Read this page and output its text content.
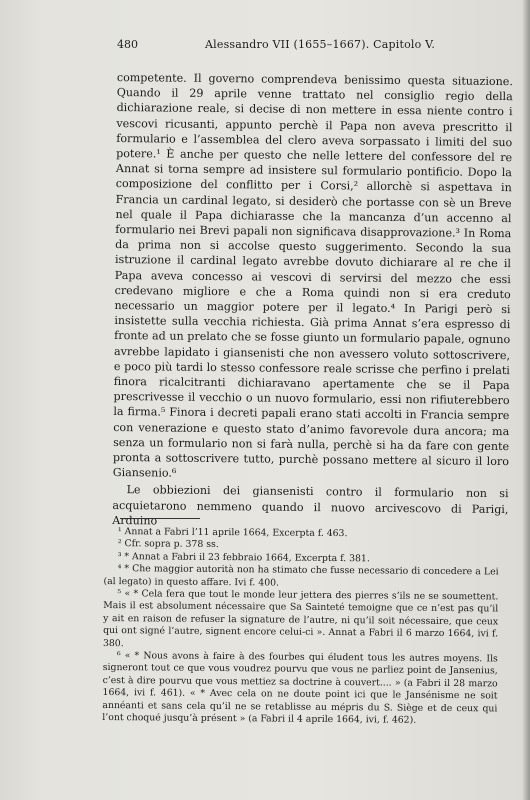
480	Alessandro VII (1655–1667). Capitolo V.

competente. Il governo comprendeva benissimo questa situazione. Quando il 29 aprile venne trattato nel consiglio regio della dichiarazione reale, si decise di non mettere in essa niente contro i vescovi ricusanti, appunto perchè il Papa non aveva prescritto il formulario e l’assemblea del clero aveva sorpassato i limiti del suo potere.¹ È anche per questo che nelle lettere del confessore del re Annat si torna sempre ad insistere sul formulario pontificio. Dopo la composizione del conflitto per i Corsi,² allorchè si aspettava in Francia un cardinal legato, si desiderò che portasse con sè un Breve nel quale il Papa dichiarasse che la mancanza d’un accenno al formulario nei Brevi papali non significava disapprovazione.³ In Roma da prima non si accolse questo suggerimento. Secondo la sua istruzione il cardinal legato avrebbe dovuto dichiarare al re che il Papa aveva concesso ai vescovi di servirsi del mezzo che essi credevano migliore e che a Roma quindi non si era creduto necessario un maggior potere per il legato.⁴ In Parigi però si insistette sulla vecchia richiesta. Già prima Annat s’era espresso di fronte ad un prelato che se fosse giunto un formulario papale, ognuno avrebbe lapidato i giansenisti che non avessero voluto sottoscrivere, e poco più tardi lo stesso confessore reale scrisse che perfino i prelati finora ricalcitranti dichiaravano apertamente che se il Papa prescrivesse il vecchio o un nuovo formulario, essi non rifiuterebbero la firma.⁵ Finora i decreti papali erano stati accolti in Francia sempre con venerazione e questo stato d’animo favorevole dura ancora; ma senza un formulario non si farà nulla, perchè si ha da fare con gente pronta a sottoscrivere tutto, purchè possano mettere al sicuro il loro Giansenio.⁶

Le obbiezioni dei giansenisti contro il formulario non si acquietarono nemmeno quando il nuovo arcivescovo di Parigi, Arduino

¹ Annat a Fabri l’11 aprile 1664, Excerpta f. 463.

² Cfr. sopra p. 378 ss.

³ * Annat a Fabri il 23 febbraio 1664, Excerpta f. 381.

⁴ * Che maggior autorità non ha stimato che fusse necessario di concedere a Lei (al legato) in questo affare. Ivi f. 400.

⁵ « * Cela fera que tout le monde leur jettera des pierres s’ils ne se soumettent. Mais il est absolument nécessaire que Sa Sainteté temoigne que ce n’est pas qu’il y ait en raison de refuser la signature de l’autre, ni qu’il soit nécessaire, que ceux qui ont signé l’autre, signent encore celui-ci ». Annat a Fabri il 6 marzo 1664, ivi f. 380.

⁶ « * Nous avons à faire à des fourbes qui éludent tous les autres moyens. Ils signeront tout ce que vous voudrez pourvu que vous ne parliez point de Jansenius, c’est à dire pourvu que vous mettiez sa doctrine à couvert.... » (a Fabri il 28 marzo 1664, ivi f. 461). « * Avec cela on ne doute point ici que le Jansénisme ne soit annéanti et sans cela qu’il ne se retablisse au mépris du S. Siège et de ceux qui l’ont choqué jusqu’à présent » (a Fabri il 4 aprile 1664, ivi, f. 462).
